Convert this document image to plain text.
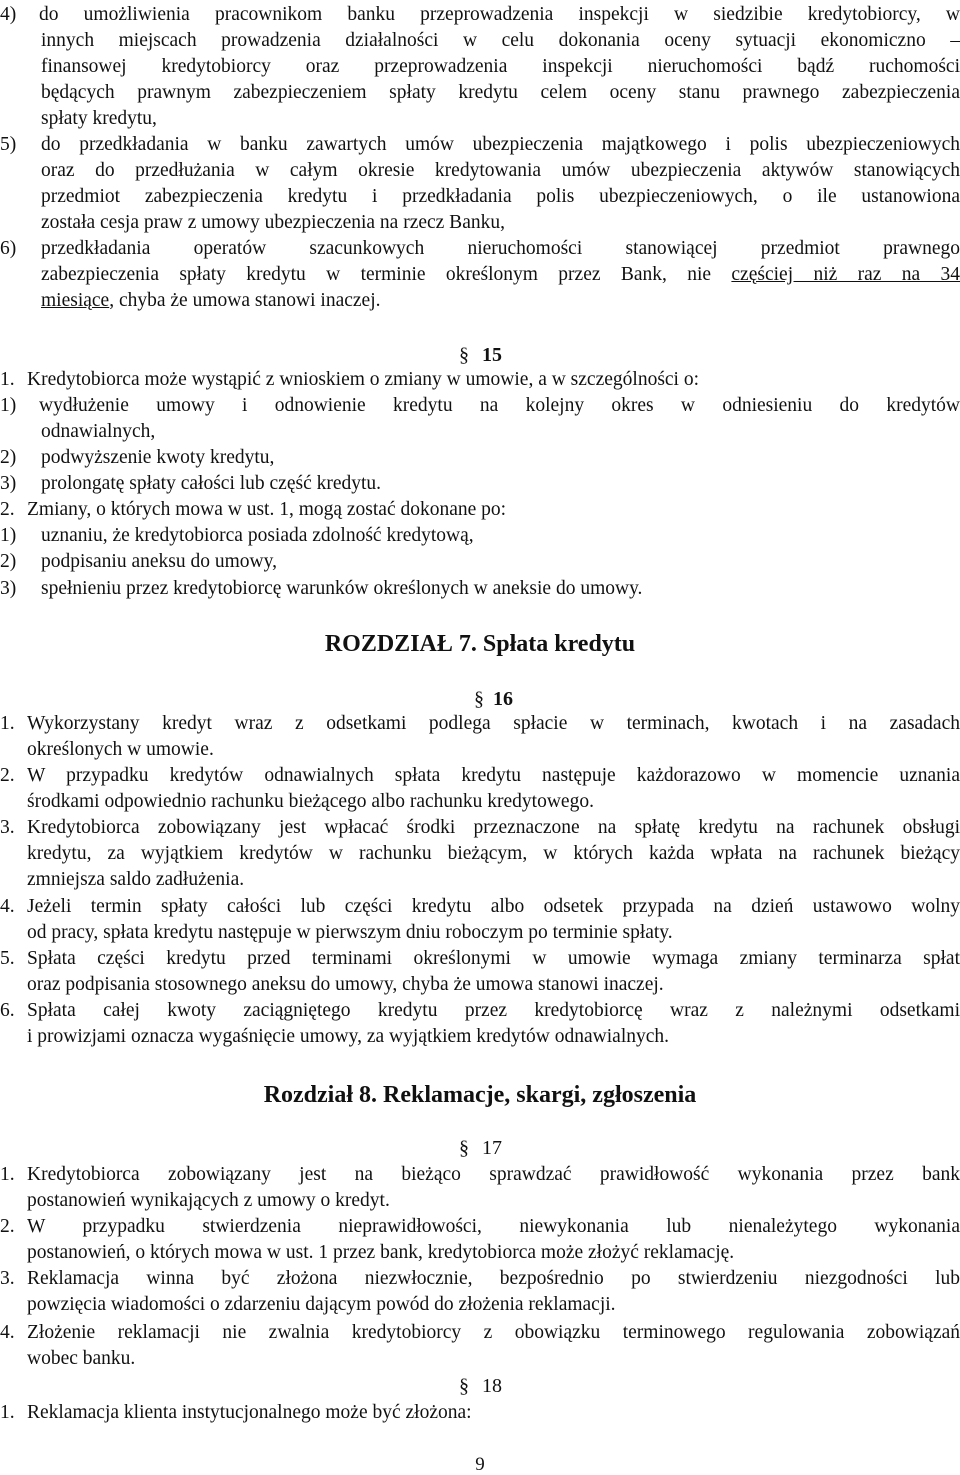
4) do umożliwienia pracownikom banku przeprowadzenia inspekcji w siedzibie kredytobiorcy, w
innych miejscach prowadzenia działalności w celu dokonania oceny sytuacji ekonomiczno –
finansowej kredytobiorcy oraz przeprowadzenia inspekcji nieruchomości bądź ruchomości
będących prawnym zabezpieczeniem spłaty kredytu celem oceny stanu prawnego zabezpieczenia
spłaty kredytu,
5) do przedkładania w banku zawartych umów ubezpieczenia majątkowego i polis ubezpieczeniowych
oraz do przedłużania w całym okresie kredytowania umów ubezpieczenia aktywów stanowiących
przedmiot zabezpieczenia kredytu i przedkładania polis ubezpieczeniowych, o ile ustanowiona
została cesja praw z umowy ubezpieczenia na rzecz Banku,
6) przedkładania operatów szacunkowych nieruchomości stanowiącej przedmiot prawnego
zabezpieczenia spłaty kredytu w terminie określonym przez Bank, nie częściej niż raz na 34
miesiące, chyba że umowa stanowi inaczej.
§ 15
1. Kredytobiorca może wystąpić z wnioskiem o zmiany w umowie, a w szczególności o:
1) wydłużenie umowy i odnowienie kredytu na kolejny okres w odniesieniu do kredytów
odnawialnych,
2) podwyższenie kwoty kredytu,
3) prolongatę spłaty całości lub część kredytu.
2. Zmiany, o których mowa w ust. 1, mogą zostać dokonane po:
1) uznaniu, że kredytobiorca posiada zdolność kredytową,
2) podpisaniu aneksu do umowy,
3) spełnieniu przez kredytobiorcę warunków określonych w aneksie do umowy.
ROZDZIAŁ 7. Spłata kredytu
§ 16
1. Wykorzystany kredyt wraz z odsetkami podlega spłacie w terminach, kwotach i na zasadach
określonych w umowie.
2. W przypadku kredytów odnawialnych spłata kredytu następuje każdorazowo w momencie uznania
środkami odpowiednio rachunku bieżącego albo rachunku kredytowego.
3. Kredytobiorca zobowiązany jest wpłacać środki przeznaczone na spłatę kredytu na rachunek obsługi
kredytu, za wyjątkiem kredytów w rachunku bieżącym, w których każda wpłata na rachunek bieżący
zmniejsza saldo zadłużenia.
4. Jeżeli termin spłaty całości lub części kredytu albo odsetek przypada na dzień ustawowo wolny
od pracy, spłata kredytu następuje w pierwszym dniu roboczym po terminie spłaty.
5. Spłata części kredytu przed terminami określonymi w umowie wymaga zmiany terminarza spłat
oraz podpisania stosownego aneksu do umowy, chyba że umowa stanowi inaczej.
6. Spłata całej kwoty zaciągniętego kredytu przez kredytobiorcę wraz z należnymi odsetkami
i prowizjami oznacza wygaśnięcie umowy, za wyjątkiem kredytów odnawialnych.
Rozdział 8. Reklamacje, skargi, zgłoszenia
§ 17
1. Kredytobiorca zobowiązany jest na bieżąco sprawdzać prawidłowość wykonania przez bank
postanowień wynikających z umowy o kredyt.
2. W przypadku stwierdzenia nieprawidłowości, niewykonania lub nienależytego wykonania
postanowień, o których mowa w ust. 1 przez bank, kredytobiorca może złożyć reklamację.
3. Reklamacja winna być złożona niezwłocznie, bezpośrednio po stwierdzeniu niezgodności lub
powzięcia wiadomości o zdarzeniu dającym powód do złożenia reklamacji.
4. Złożenie reklamacji nie zwalnia kredytobiorcy z obowiązku terminowego regulowania zobowiązań
wobec banku.
§ 18
1. Reklamacja klienta instytucjonalnego może być złożona:
9
